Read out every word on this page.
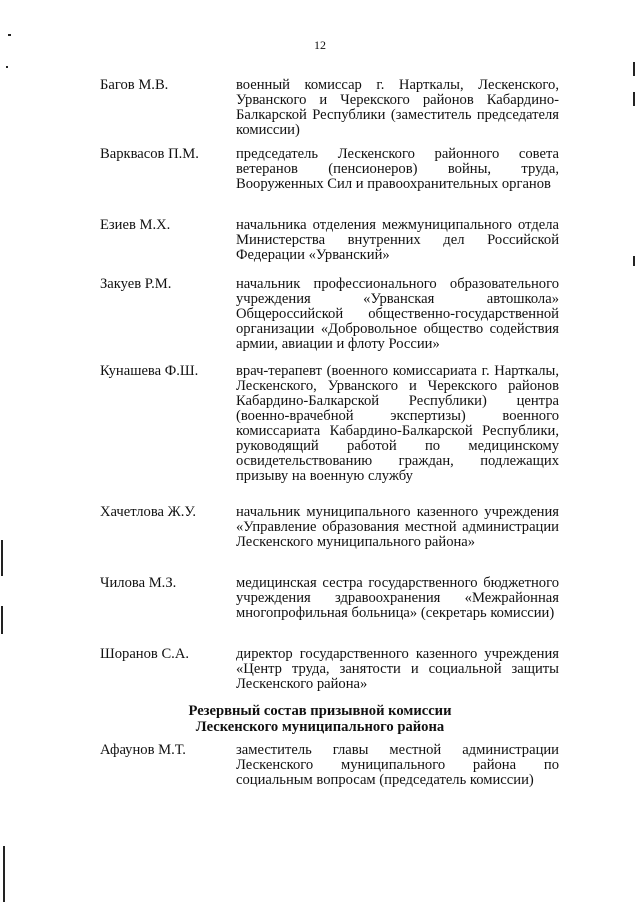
12
Багов М.В.	военный комиссар г. Нарткалы, Лескенского, Урванского и Черекского районов Кабардино-Балкарской Республики (заместитель председателя комиссии)
Варквасов П.М.	председатель Лескенского районного совета ветеранов (пенсионеров) войны, труда, Вооруженных Сил и правоохранительных органов
Езиев М.Х.	начальника отделения межмуниципального отдела Министерства внутренних дел Российской Федерации «Урванский»
Закуев Р.М.	начальник профессионального образовательного учреждения «Урванская автошкола» Общероссийской общественно-государственной организации «Добровольное общество содействия армии, авиации и флоту России»
Кунашева Ф.Ш.	врач-терапевт (военного комиссариата г. Нарткалы, Лескенского, Урванского и Черекского районов Кабардино-Балкарской Республики) центра (военно-врачебной экспертизы) военного комиссариата Кабардино-Балкарской Республики, руководящий работой по медицинскому освидетельствованию граждан, подлежащих призыву на военную службу
Хачетлова Ж.У.	начальник муниципального казенного учреждения «Управление образования местной администрации Лескенского муниципального района»
Чилова М.З.	медицинская сестра государственного бюджетного учреждения здравоохранения «Межрайонная многопрофильная больница» (секретарь комиссии)
Шоранов С.А.	директор государственного казенного учреждения «Центр труда, занятости и социальной защиты Лескенского района»
Резервный состав призывной комиссии
Лескенского муниципального района
Афаунов М.Т.	заместитель главы местной администрации Лескенского муниципального района по социальным вопросам (председатель комиссии)
